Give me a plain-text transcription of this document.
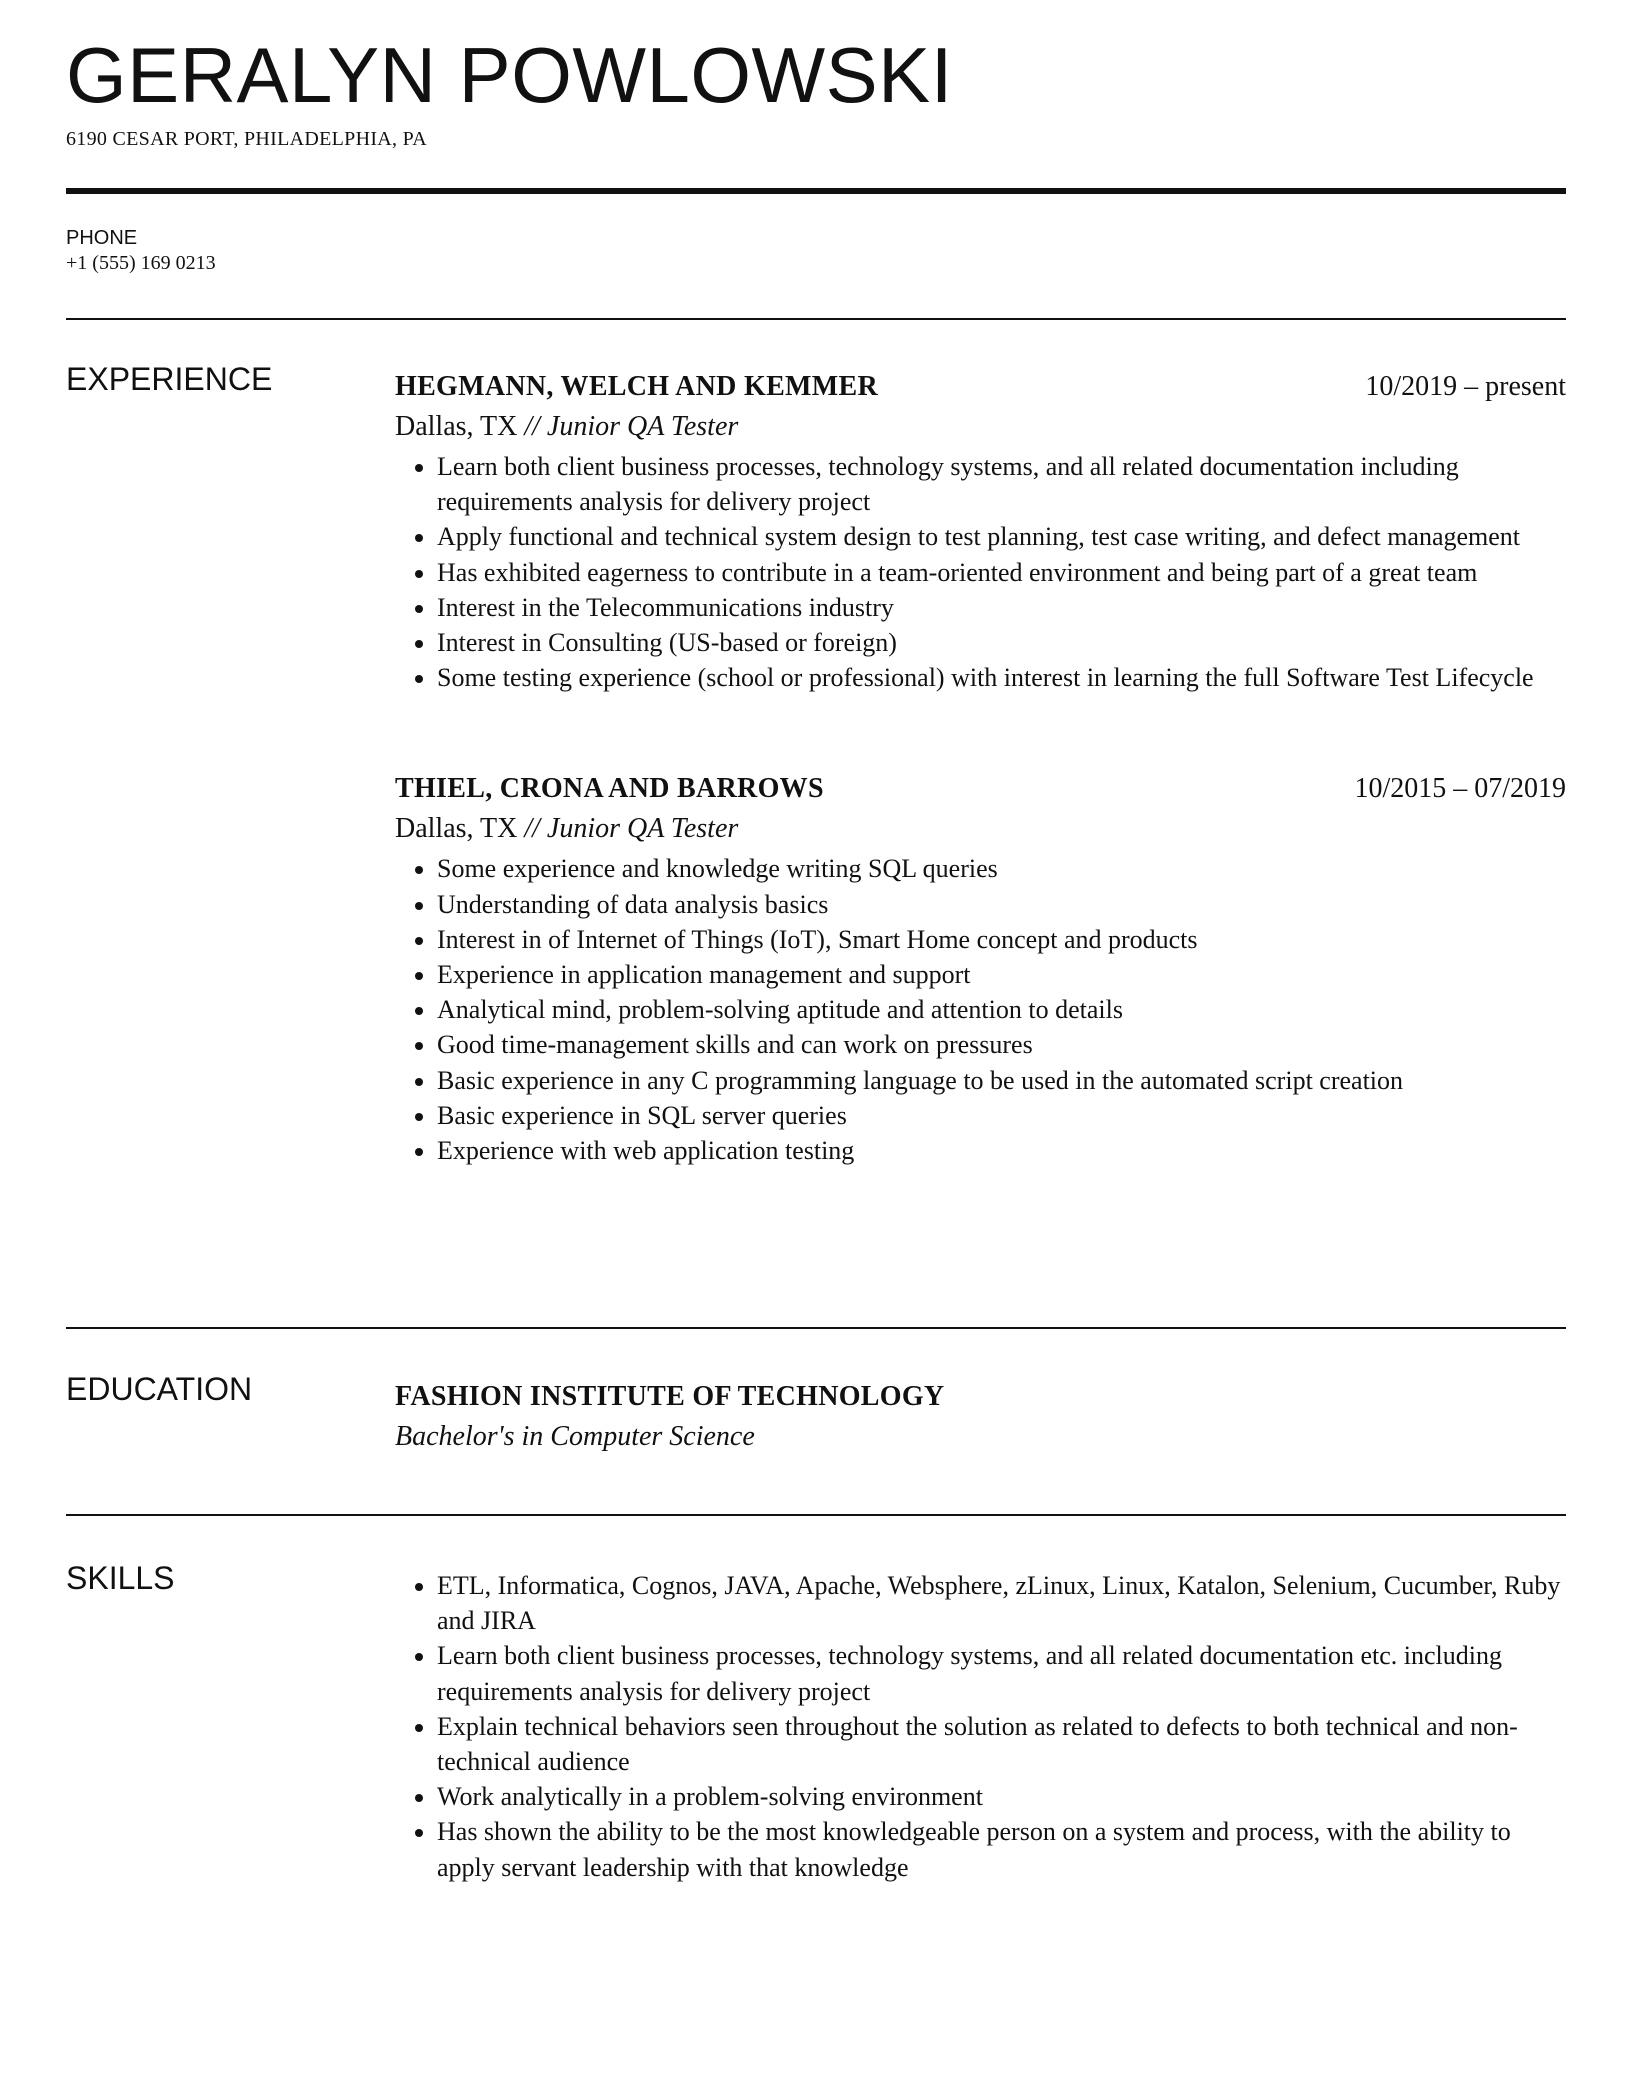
GERALYN POWLOWSKI
6190 CESAR PORT, PHILADELPHIA, PA
PHONE
+1 (555) 169 0213
EXPERIENCE	HEGMANN, WELCH AND KEMMER	10/2019 – present
Dallas, TX // Junior QA Tester
Learn both client business processes, technology systems, and all related documentation including requirements analysis for delivery project
Apply functional and technical system design to test planning, test case writing, and defect management
Has exhibited eagerness to contribute in a team-oriented environment and being part of a great team
Interest in the Telecommunications industry
Interest in Consulting (US-based or foreign)
Some testing experience (school or professional) with interest in learning the full Software Test Lifecycle
THIEL, CRONA AND BARROWS	10/2015 – 07/2019
Dallas, TX // Junior QA Tester
Some experience and knowledge writing SQL queries
Understanding of data analysis basics
Interest in of Internet of Things (IoT), Smart Home concept and products
Experience in application management and support
Analytical mind, problem-solving aptitude and attention to details
Good time-management skills and can work on pressures
Basic experience in any C programming language to be used in the automated script creation
Basic experience in SQL server queries
Experience with web application testing
EDUCATION	FASHION INSTITUTE OF TECHNOLOGY
Bachelor's in Computer Science
SKILLS	ETL, Informatica, Cognos, JAVA, Apache, Websphere, zLinux, Linux, Katalon, Selenium, Cucumber, Ruby and JIRA
Learn both client business processes, technology systems, and all related documentation etc. including requirements analysis for delivery project
Explain technical behaviors seen throughout the solution as related to defects to both technical and non-technical audience
Work analytically in a problem-solving environment
Has shown the ability to be the most knowledgeable person on a system and process, with the ability to apply servant leadership with that knowledge
